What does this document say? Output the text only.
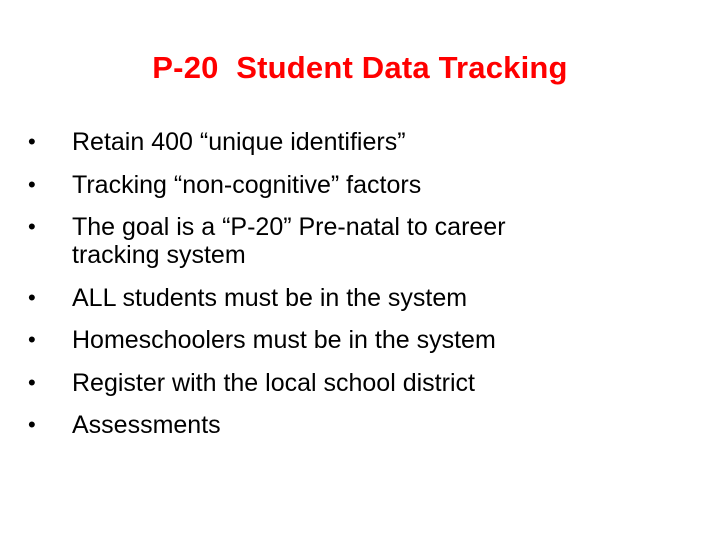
P-20  Student Data Tracking
•	Retain 400 “unique identifiers”
•	Tracking “non-cognitive” factors
•	The goal is a “P-20” Pre-natal to career tracking system
•	ALL students must be in the system
•	Homeschoolers must be in the system
•	Register with the local school district
•	Assessments
